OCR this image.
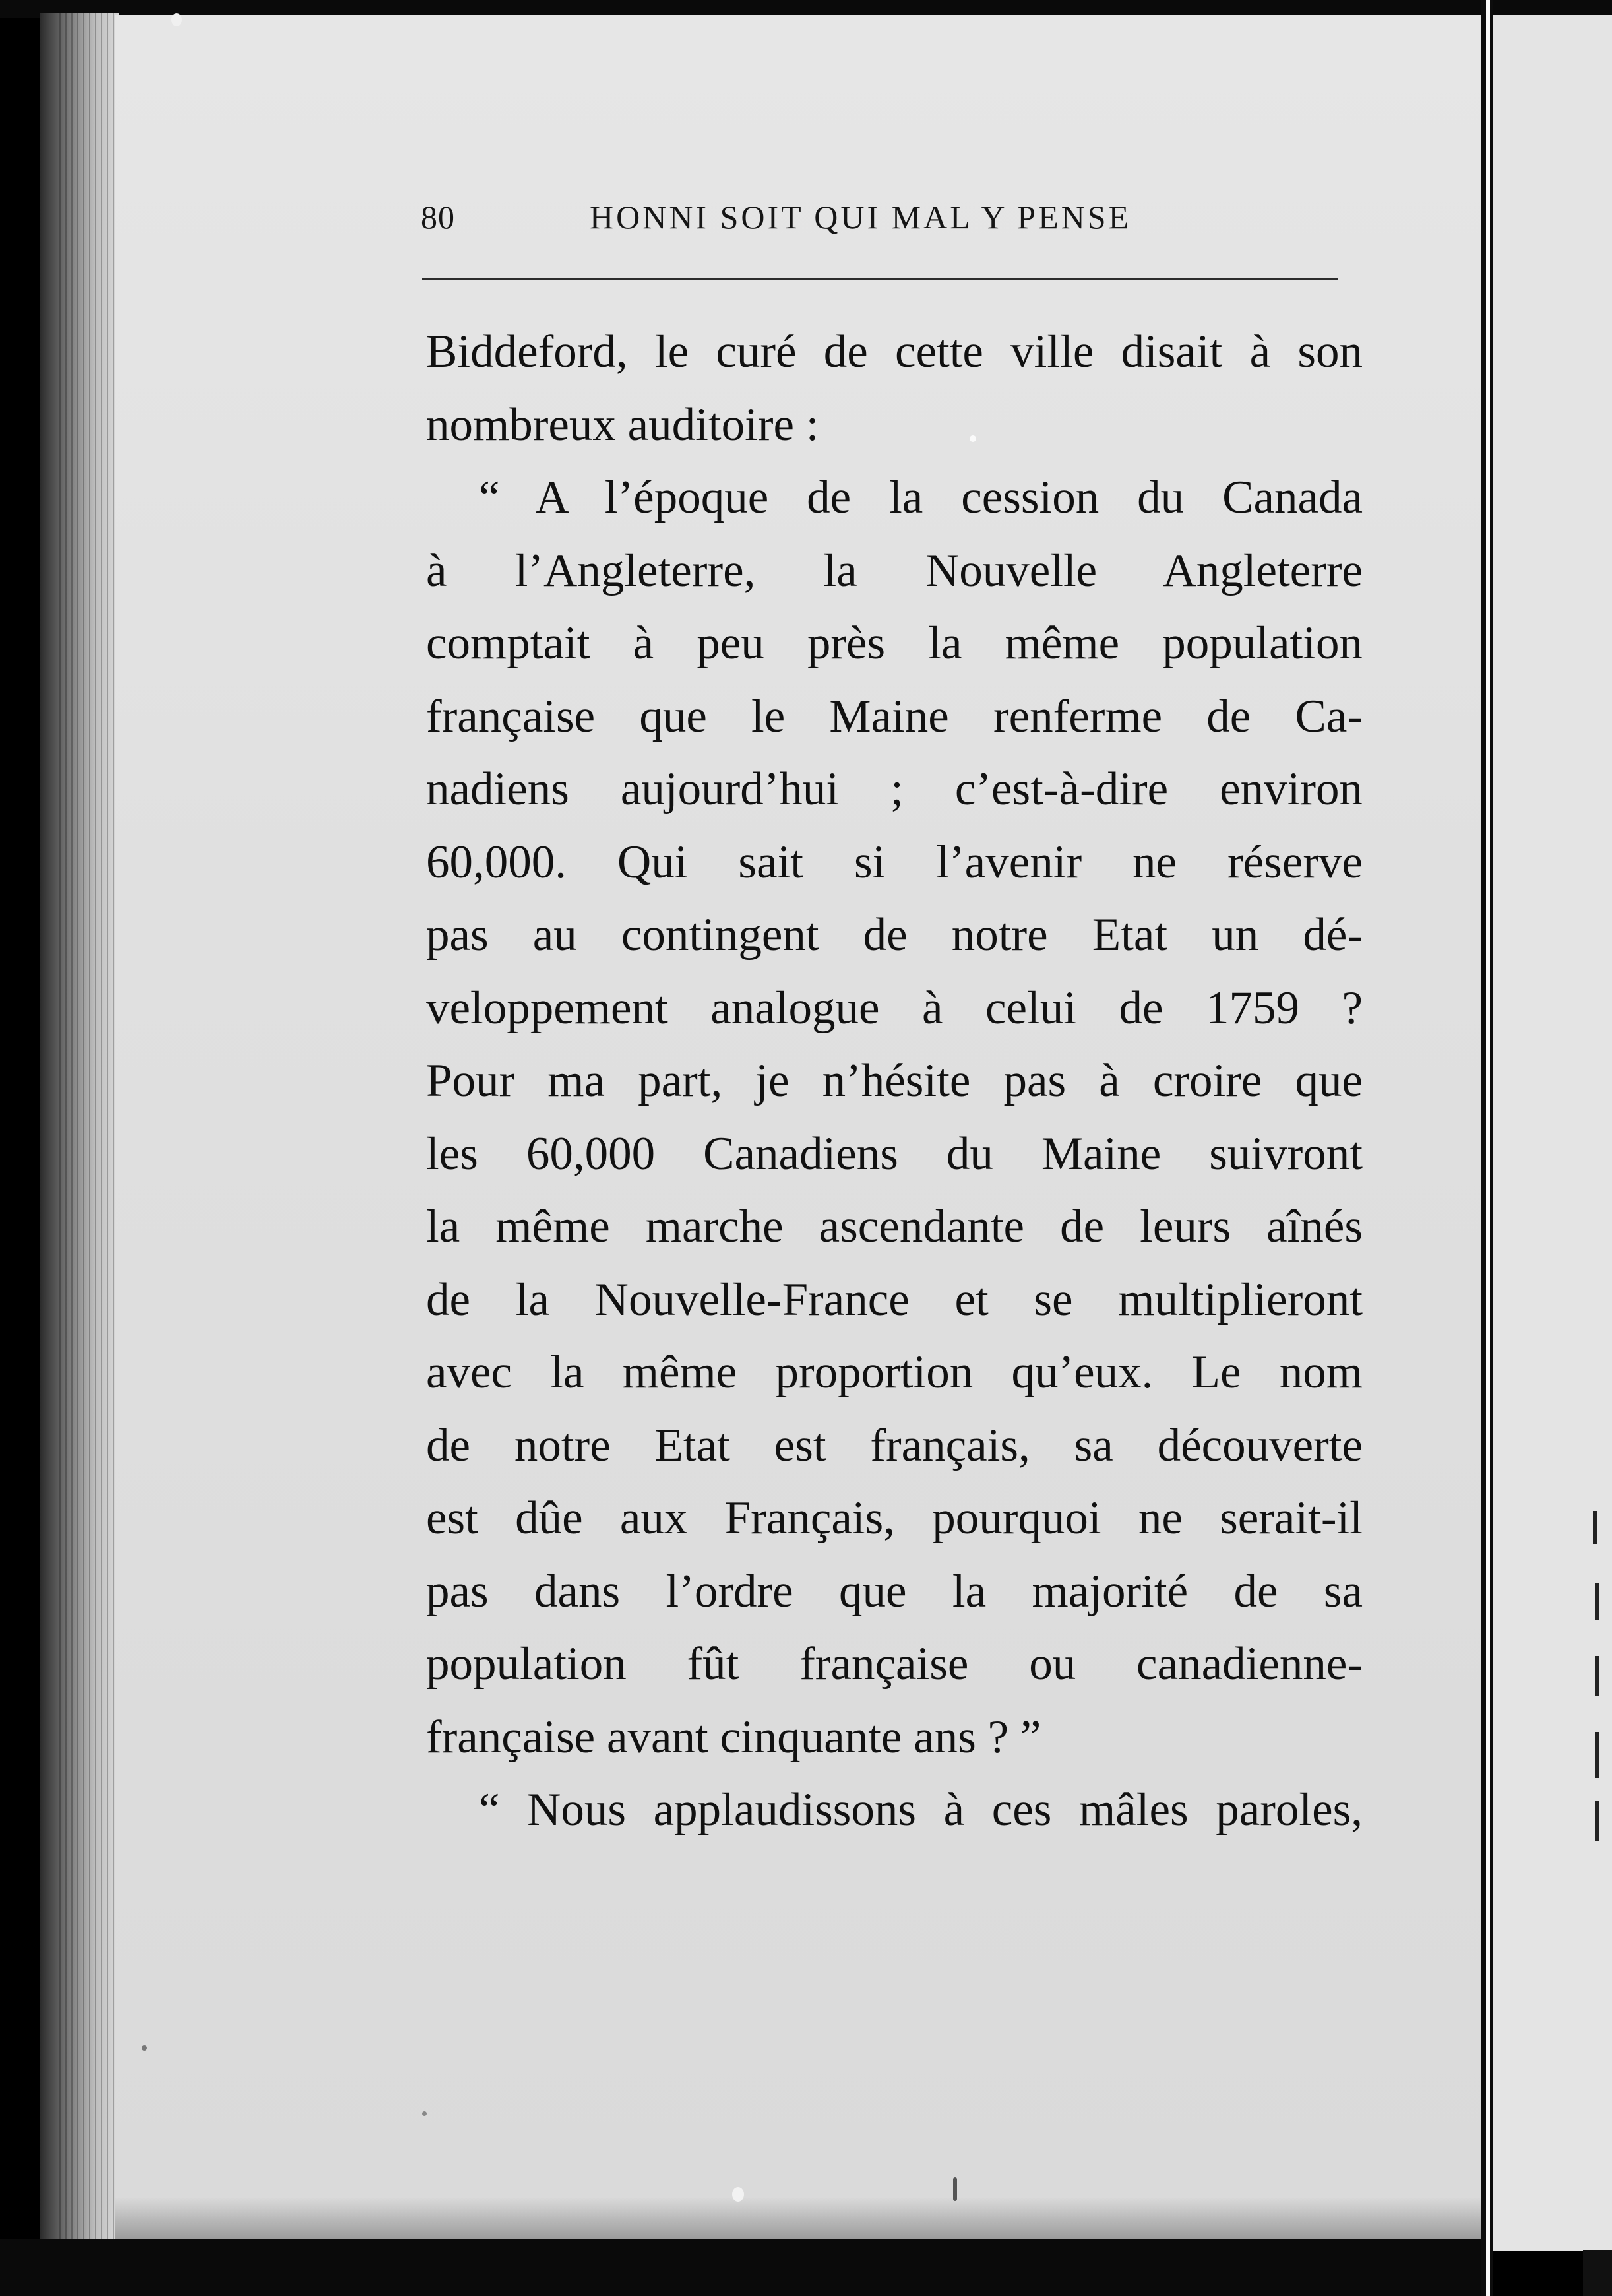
80	HONNI SOIT QUI MAL Y PENSE
Biddeford, le curé de cette ville disait à son
nombreux auditoire :
“ A l’époque de la cession du Canada
à l’Angleterre, la Nouvelle Angleterre
comptait à peu près la même population
française que le Maine renferme de Ca-
nadiens aujourd’hui ; c’est-à-dire environ
60,000. Qui sait si l’avenir ne réserve
pas au contingent de notre Etat un dé-
veloppement analogue à celui de 1759 ?
Pour ma part, je n’hésite pas à croire que
les 60,000 Canadiens du Maine suivront
la même marche ascendante de leurs aînés
de la Nouvelle-France et se multiplieront
avec la même proportion qu’eux. Le nom
de notre Etat est français, sa découverte
est dûe aux Français, pourquoi ne serait-il
pas dans l’ordre que la majorité de sa
population fût française ou canadienne-
française avant cinquante ans ? ”
“ Nous applaudissons à ces mâles paroles,
